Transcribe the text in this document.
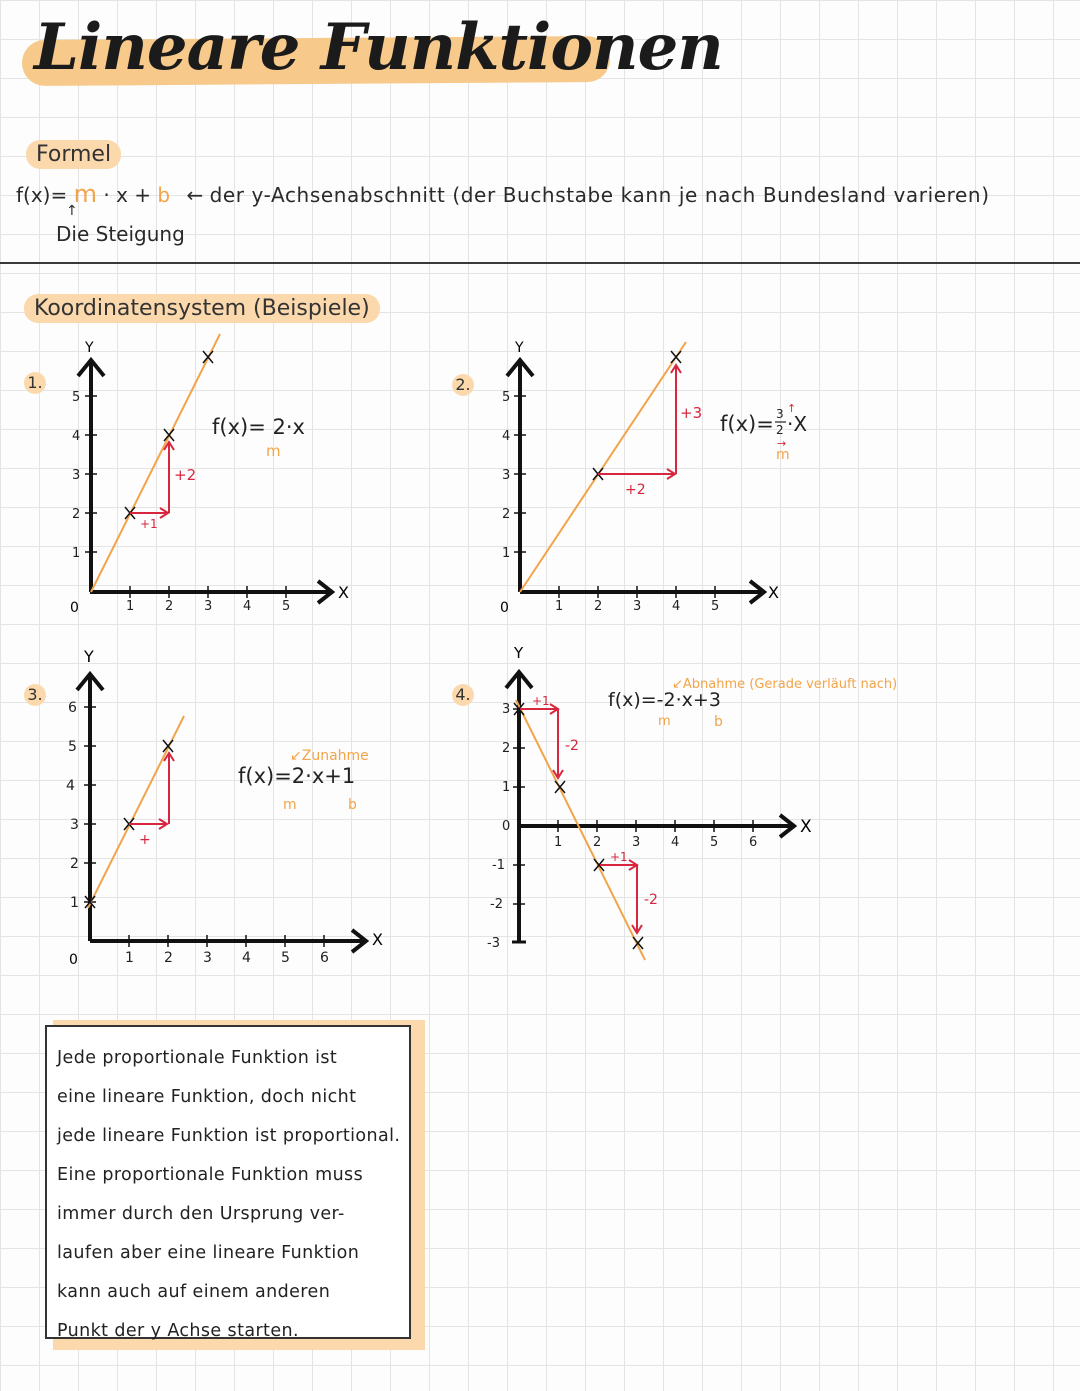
Lineare Funktionen
Formel
f(x)= m · x + b ← der y-Achsenabschnitt (der Buchstabe kann je nach Bundesland varieren)
↑
Die Steigung
Koordinatensystem (Beispiele)
1.
X
Y
0	1 2 3 4 5
1
2
3
4
5
+1
+2
f(x)= 2·x
m
2.
X
Y
0	1 2 3 4 5
1
2
3
4
5
+2
+3 f(x)= 3
2 ·X
↑
→
m
3.
X
Y
0	1 2 3 4 5 6
1
2
3
4
5
6
+
↙Zunahme
f(x)=2·x+1
m	b
4.
X
Y
1 2 3 4 5 6
3
2
1
0
-1
-2
-3
+1
-2
+1
-2
↙Abnahme (Gerade verläuft nach)
f(x)=-2·x+3
m	b
Jede proportionale Funktion ist
eine lineare Funktion, doch nicht
jede lineare Funktion ist proportional.
Eine proportionale Funktion muss
immer durch den Ursprung ver-
laufen aber eine lineare Funktion
kann auch auf einem anderen
Punkt der y Achse starten.
